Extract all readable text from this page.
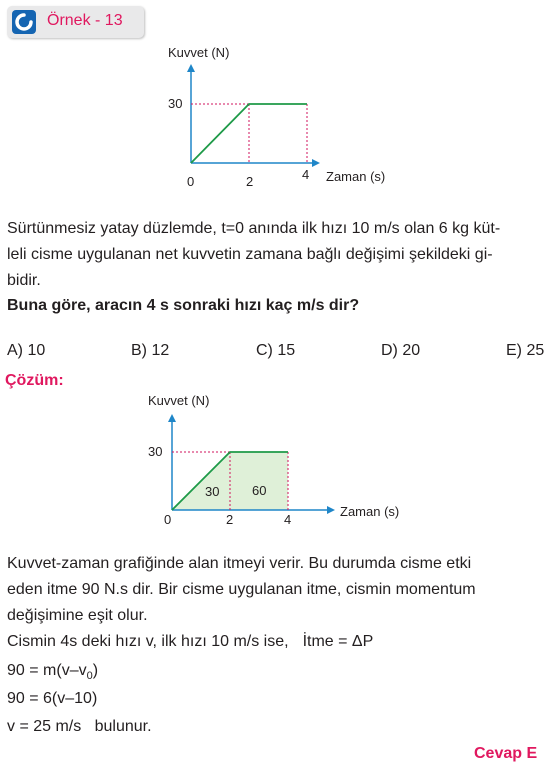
Örnek - 13
Kuvvet (N)
30
0	2	4 Zaman (s)
Sürtünmesiz yatay düzlemde, t=0 anında ilk hızı 10 m/s olan 6 kg küt-
leli cisme uygulanan net kuvvetin zamana bağlı değişimi şekildeki gi-
bidir.
Buna göre, aracın 4 s sonraki hızı kaç m/s dir?
A) 10	B) 12	C) 15	D) 20	E) 25
Çözüm:
Kuvvet (N)
30
0	2	4
30	60
Zaman (s)
Kuvvet-zaman grafiğinde alan itmeyi verir. Bu durumda cisme etki
eden itme 90 N.s dir. Bir cisme uygulanan itme, cismin momentum
değişimine eşit olur.
Cismin 4s deki hızı v, ilk hızı 10 m/s ise, İtme = ΔP
$90 = m(v-v_0)$
90 = 6(v–10)
v = 25 m/s   bulunur.
Cevap E
